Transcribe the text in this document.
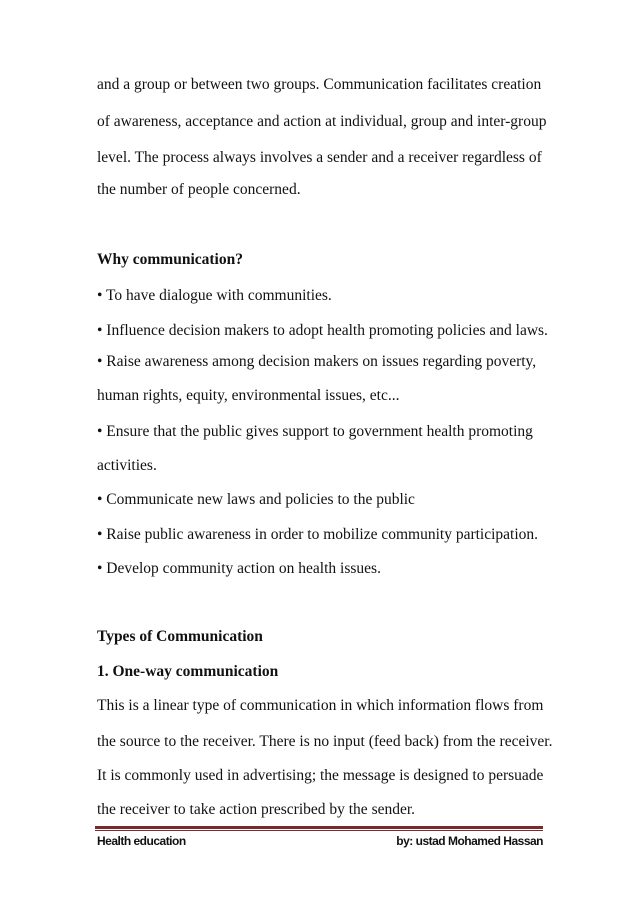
and a group or between two groups. Communication facilitates creation
of awareness, acceptance and action at individual, group and inter-group
level. The process always involves a sender and a receiver regardless of
the number of people concerned.
Why communication?
• To have dialogue with communities.
• Influence decision makers to adopt health promoting policies and laws.
• Raise awareness among decision makers on issues regarding poverty,
human rights, equity, environmental issues, etc...
• Ensure that the public gives support to government health promoting
activities.
• Communicate new laws and policies to the public
• Raise public awareness in order to mobilize community participation.
• Develop community action on health issues.
Types of Communication
1. One-way communication
This is a linear type of communication in which information flows from
the source to the receiver. There is no input (feed back) from the receiver.
It is commonly used in advertising; the message is designed to persuade
the receiver to take action prescribed by the sender.
Health education	by: ustad Mohamed Hassan
